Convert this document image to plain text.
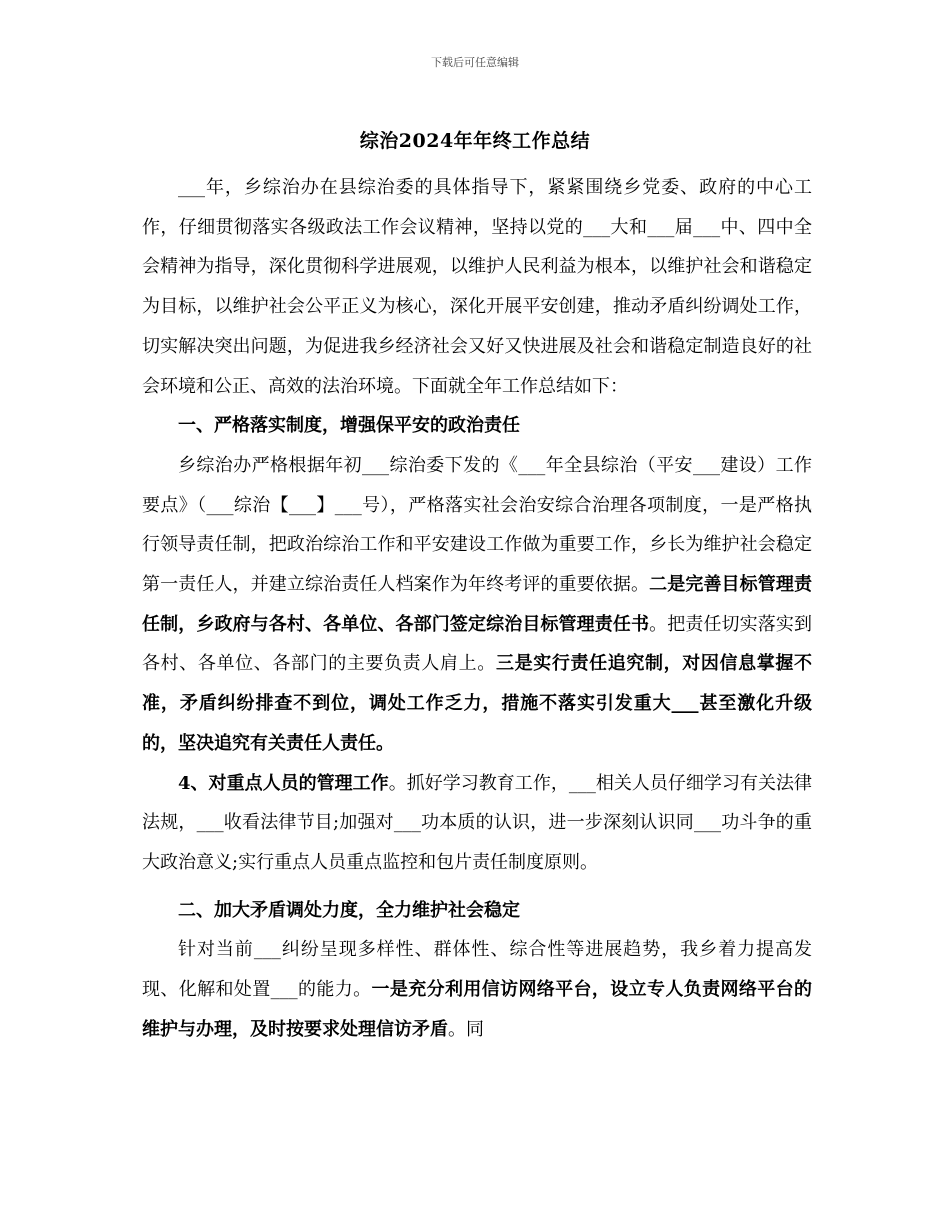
下载后可任意编辑
综治2024年年终工作总结

___年，乡综治办在县综治委的具体指导下，紧紧围绕乡党委、政府的中心工作，仔细贯彻落实各级政法工作会议精神，坚持以党的___大和___届___中、四中全会精神为指导，深化贯彻科学进展观，以维护人民利益为根本，以维护社会和谐稳定为目标，以维护社会公平正义为核心，深化开展平安创建，推动矛盾纠纷调处工作，切实解决突出问题，为促进我乡经济社会又好又快进展及社会和谐稳定制造良好的社会环境和公正、高效的法治环境。下面就全年工作总结如下：

一、严格落实制度，增强保平安的政治责任

乡综治办严格根据年初___综治委下发的《___年全县综治（平安___建设）工作要点》（___综治【___】___号），严格落实社会治安综合治理各项制度，一是严格执行领导责任制，把政治综治工作和平安建设工作做为重要工作，乡长为维护社会稳定第一责任人，并建立综治责任人档案作为年终考评的重要依据。二是完善目标管理责任制，乡政府与各村、各单位、各部门签定综治目标管理责任书。把责任切实落实到各村、各单位、各部门的主要负责人肩上。三是实行责任追究制，对因信息掌握不准，矛盾纠纷排查不到位，调处工作乏力，措施不落实引发重大___甚至激化升级的，坚决追究有关责任人责任。

4、对重点人员的管理工作。抓好学习教育工作，___相关人员仔细学习有关法律法规，___收看法律节目;加强对___功本质的认识，进一步深刻认识同___功斗争的重大政治意义;实行重点人员重点监控和包片责任制度原则。

二、加大矛盾调处力度，全力维护社会稳定

针对当前___纠纷呈现多样性、群体性、综合性等进展趋势，我乡着力提高发现、化解和处置___的能力。一是充分利用信访网络平台，设立专人负责网络平台的维护与办理，及时按要求处理信访矛盾。同
